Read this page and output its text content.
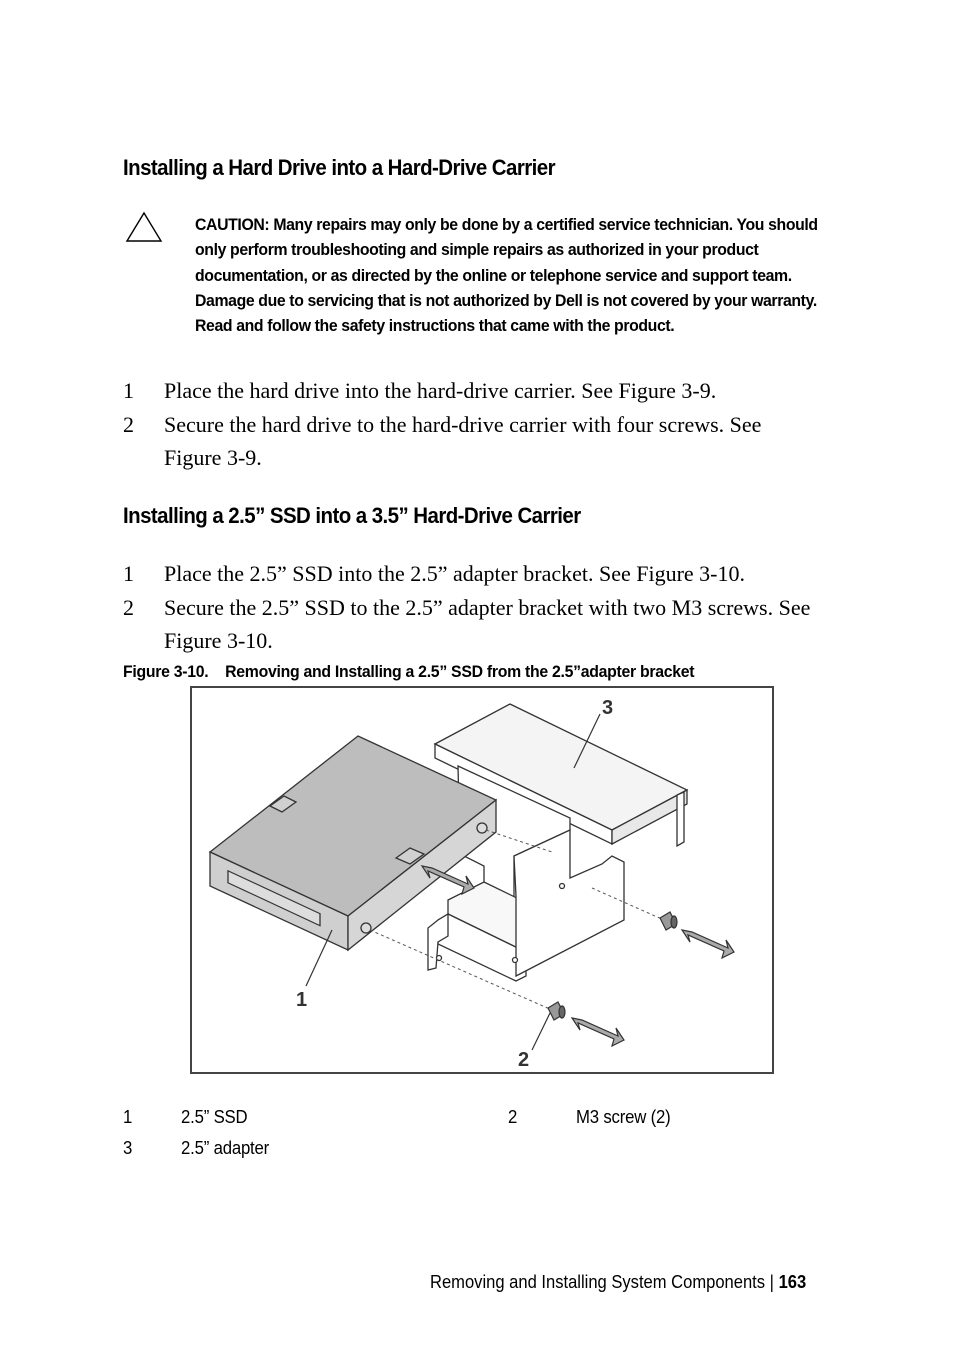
Installing a Hard Drive into a Hard-Drive Carrier
CAUTION: Many repairs may only be done by a certified service technician. You should only perform troubleshooting and simple repairs as authorized in your product documentation, or as directed by the online or telephone service and support team. Damage due to servicing that is not authorized by Dell is not covered by your warranty. Read and follow the safety instructions that came with the product.
1 Place the hard drive into the hard-drive carrier. See Figure 3-9.
2 Secure the hard drive to the hard-drive carrier with four screws. See Figure 3-9.
Installing a 2.5” SSD into a 3.5” Hard-Drive Carrier
1 Place the 2.5” SSD into the 2.5” adapter bracket. See Figure 3-10.
2 Secure the 2.5” SSD to the 2.5” adapter bracket with two M3 screws. See Figure 3-10.
Figure 3-10. Removing and Installing a 2.5” SSD from the 2.5”adapter bracket
1
2
3
1	2.5” SSD	2	M3 screw (2)
3	2.5” adapter
Removing and Installing System Components | 163
